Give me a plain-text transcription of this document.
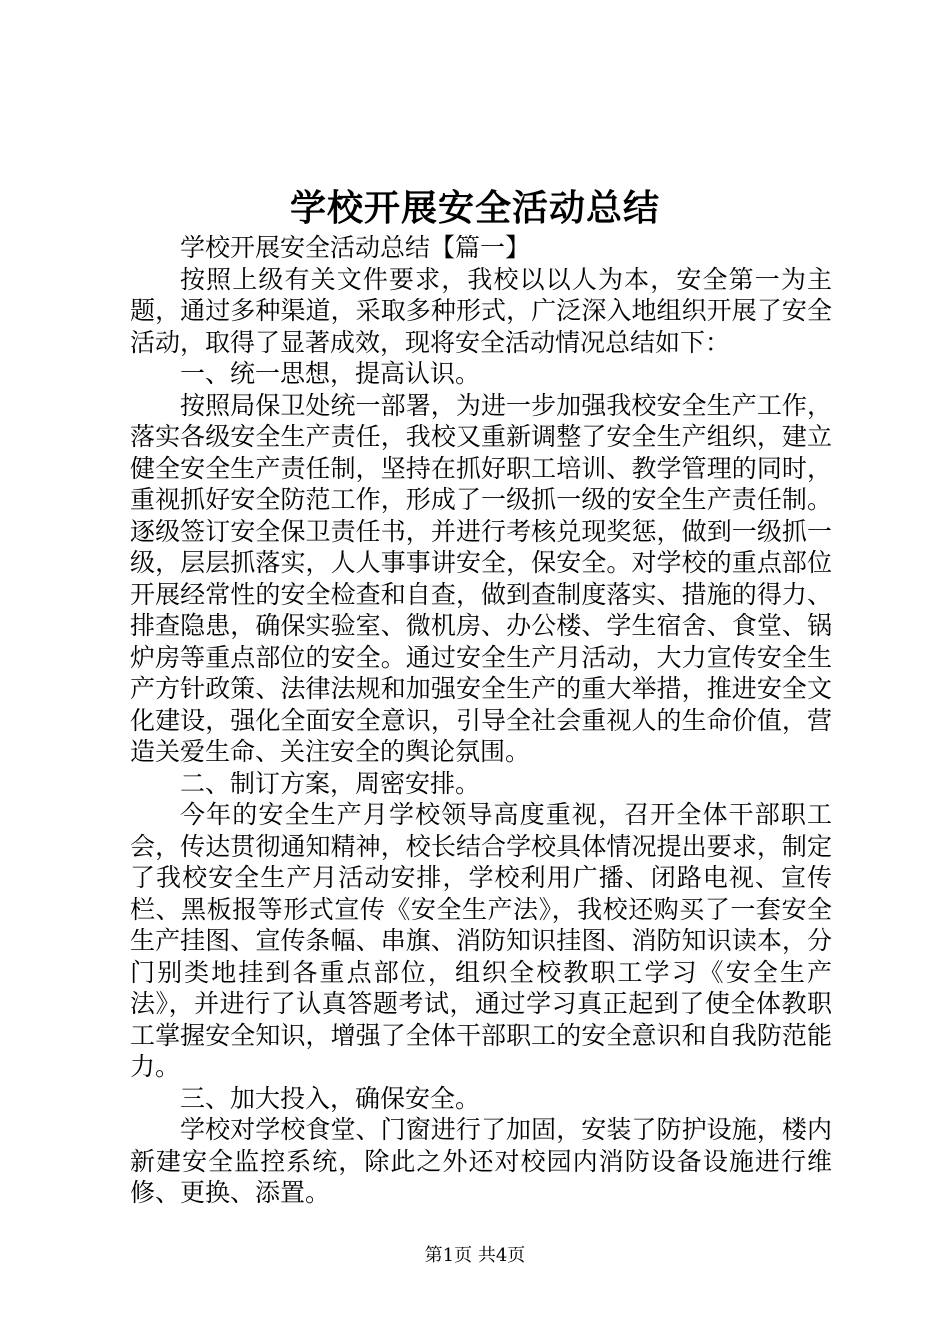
学校开展安全活动总结

学校开展安全活动总结【篇一】

按照上级有关文件要求，我校以以人为本，安全第一为主题，通过多种渠道，采取多种形式，广泛深入地组织开展了安全活动，取得了显著成效，现将安全活动情况总结如下：

一、统一思想，提高认识。

按照局保卫处统一部署，为进一步加强我校安全生产工作，落实各级安全生产责任，我校又重新调整了安全生产组织，建立健全安全生产责任制，坚持在抓好职工培训、教学管理的同时，重视抓好安全防范工作，形成了一级抓一级的安全生产责任制。逐级签订安全保卫责任书，并进行考核兑现奖惩，做到一级抓一级，层层抓落实，人人事事讲安全，保安全。对学校的重点部位开展经常性的安全检查和自查，做到查制度落实、措施的得力、排查隐患，确保实验室、微机房、办公楼、学生宿舍、食堂、锅炉房等重点部位的安全。通过安全生产月活动，大力宣传安全生产方针政策、法律法规和加强安全生产的重大举措，推进安全文化建设，强化全面安全意识，引导全社会重视人的生命价值，营造关爱生命、关注安全的舆论氛围。

二、制订方案，周密安排。

今年的安全生产月学校领导高度重视，召开全体干部职工会，传达贯彻通知精神，校长结合学校具体情况提出要求，制定了我校安全生产月活动安排，学校利用广播、闭路电视、宣传栏、黑板报等形式宣传《安全生产法》，我校还购买了一套安全生产挂图、宣传条幅、串旗、消防知识挂图、消防知识读本，分门别类地挂到各重点部位，组织全校教职工学习《安全生产法》，并进行了认真答题考试，通过学习真正起到了使全体教职工掌握安全知识，增强了全体干部职工的安全意识和自我防范能力。

三、加大投入，确保安全。

学校对学校食堂、门窗进行了加固，安装了防护设施，楼内新建安全监控系统，除此之外还对校园内消防设备设施进行维修、更换、添置。

第1页 共4页
